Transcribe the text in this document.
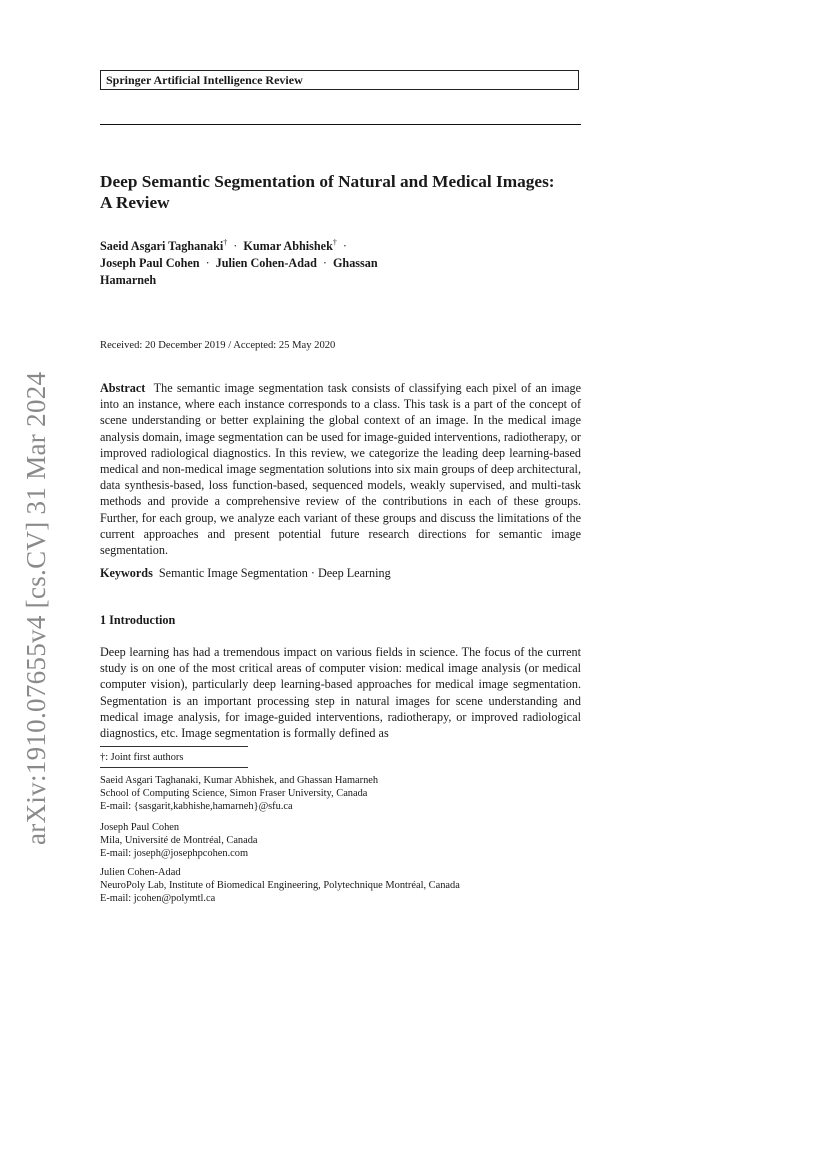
Springer Artificial Intelligence Review
Deep Semantic Segmentation of Natural and Medical Images:
A Review
Saeid Asgari Taghanaki† · Kumar Abhishek† ·
Joseph Paul Cohen · Julien Cohen-Adad · Ghassan Hamarneh
Received: 20 December 2019 / Accepted: 25 May 2020
Abstract The semantic image segmentation task consists of classifying each pixel of an image into an instance, where each instance corresponds to a class. This task is a part of the concept of scene understanding or better explaining the global context of an image. In the medical image analysis domain, image segmentation can be used for image-guided interventions, radiotherapy, or improved radiological diagnostics. In this review, we categorize the leading deep learning-based medical and non-medical image segmentation solutions into six main groups of deep architectural, data synthesis-based, loss function-based, sequenced models, weakly supervised, and multi-task methods and provide a comprehensive review of the contributions in each of these groups. Further, for each group, we analyze each variant of these groups and discuss the limitations of the current approaches and present potential future research directions for semantic image segmentation.
Keywords Semantic Image Segmentation · Deep Learning
1 Introduction
Deep learning has had a tremendous impact on various fields in science. The focus of the current study is on one of the most critical areas of computer vision: medical image analysis (or medical computer vision), particularly deep learning-based approaches for medical image segmentation. Segmentation is an important processing step in natural images for scene understanding and medical image analysis, for image-guided interventions, radiotherapy, or improved radiological diagnostics, etc. Image segmentation is formally defined as
†: Joint first authors
Saeid Asgari Taghanaki, Kumar Abhishek, and Ghassan Hamarneh
School of Computing Science, Simon Fraser University, Canada
E-mail: {sasgarit,kabhishe,hamarneh}@sfu.ca
Joseph Paul Cohen
Mila, Université de Montréal, Canada
E-mail: joseph@josephpcohen.com
Julien Cohen-Adad
NeuroPoly Lab, Institute of Biomedical Engineering, Polytechnique Montréal, Canada
E-mail: jcohen@polymtl.ca
arXiv:1910.07655v4 [cs.CV] 31 Mar 2024
